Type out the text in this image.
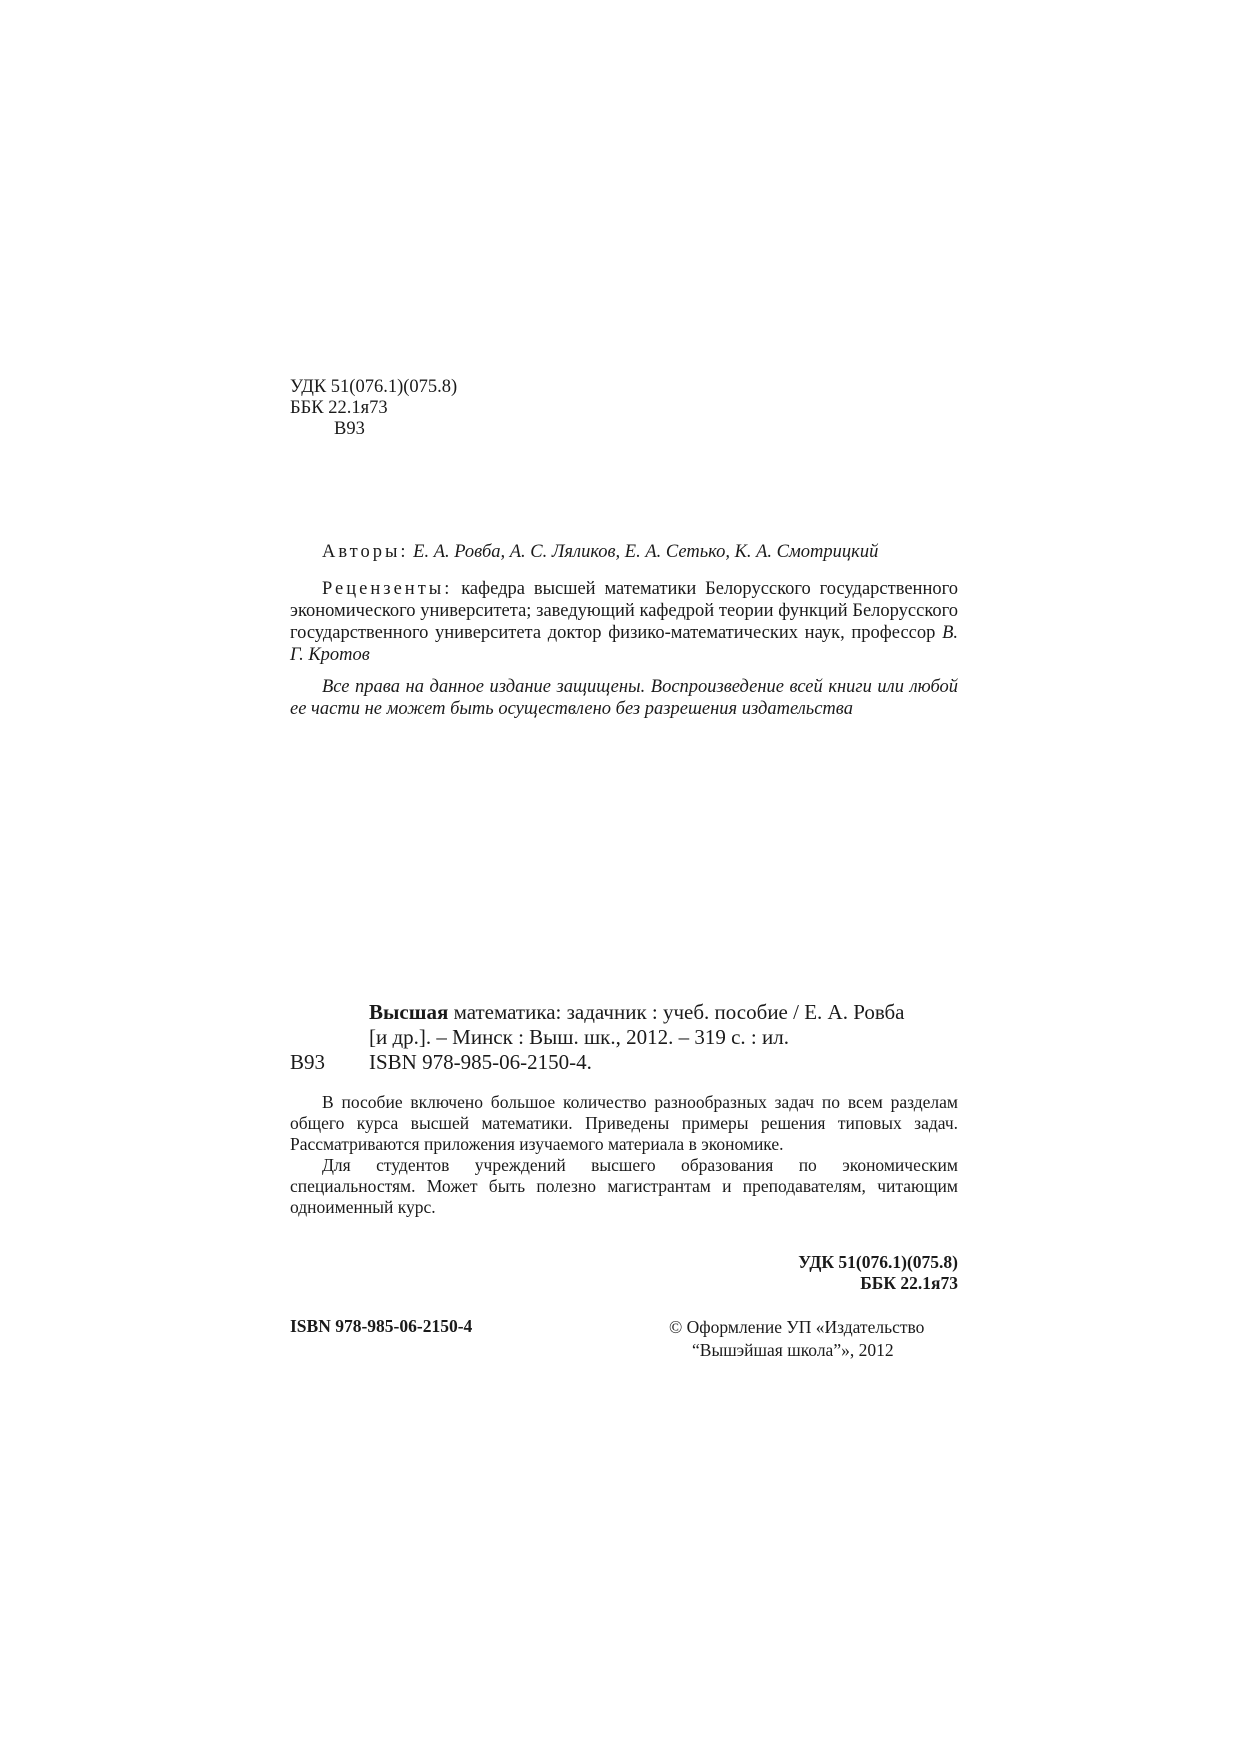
УДК 51(076.1)(075.8)
ББК 22.1я73
В93
Авторы: Е. А. Ровба, А. С. Ляликов, Е. А. Сетько, К. А. Смотрицкий
Рецензенты: кафедра высшей математики Белорусского государственного экономического университета; заведующий кафедрой теории функций Белорусского государственного университета доктор физико-математических наук, профессор В. Г. Кротов
Все права на данное издание защищены. Воспроизведение всей книги или любой ее части не может быть осуществлено без разрешения издательства
Высшая математика: задачник : учеб. пособие / Е. А. Ровба
[и др.]. – Минск : Выш. шк., 2012. – 319 с. : ил.
ISBN 978-985-06-2150-4.
В93

В пособие включено большое количество разнообразных задач по всем разделам общего курса высшей математики. Приведены примеры решения типовых задач. Рассматриваются приложения изучаемого материала в экономике.

Для студентов учреждений высшего образования по экономическим специальностям. Может быть полезно магистрантам и преподавателям, читающим одноименный курс.

УДК 51(076.1)(075.8)
ББК 22.1я73
ISBN 978-985-06-2150-4	© Оформление УП «Издательство
“Вышэйшая школа”», 2012
